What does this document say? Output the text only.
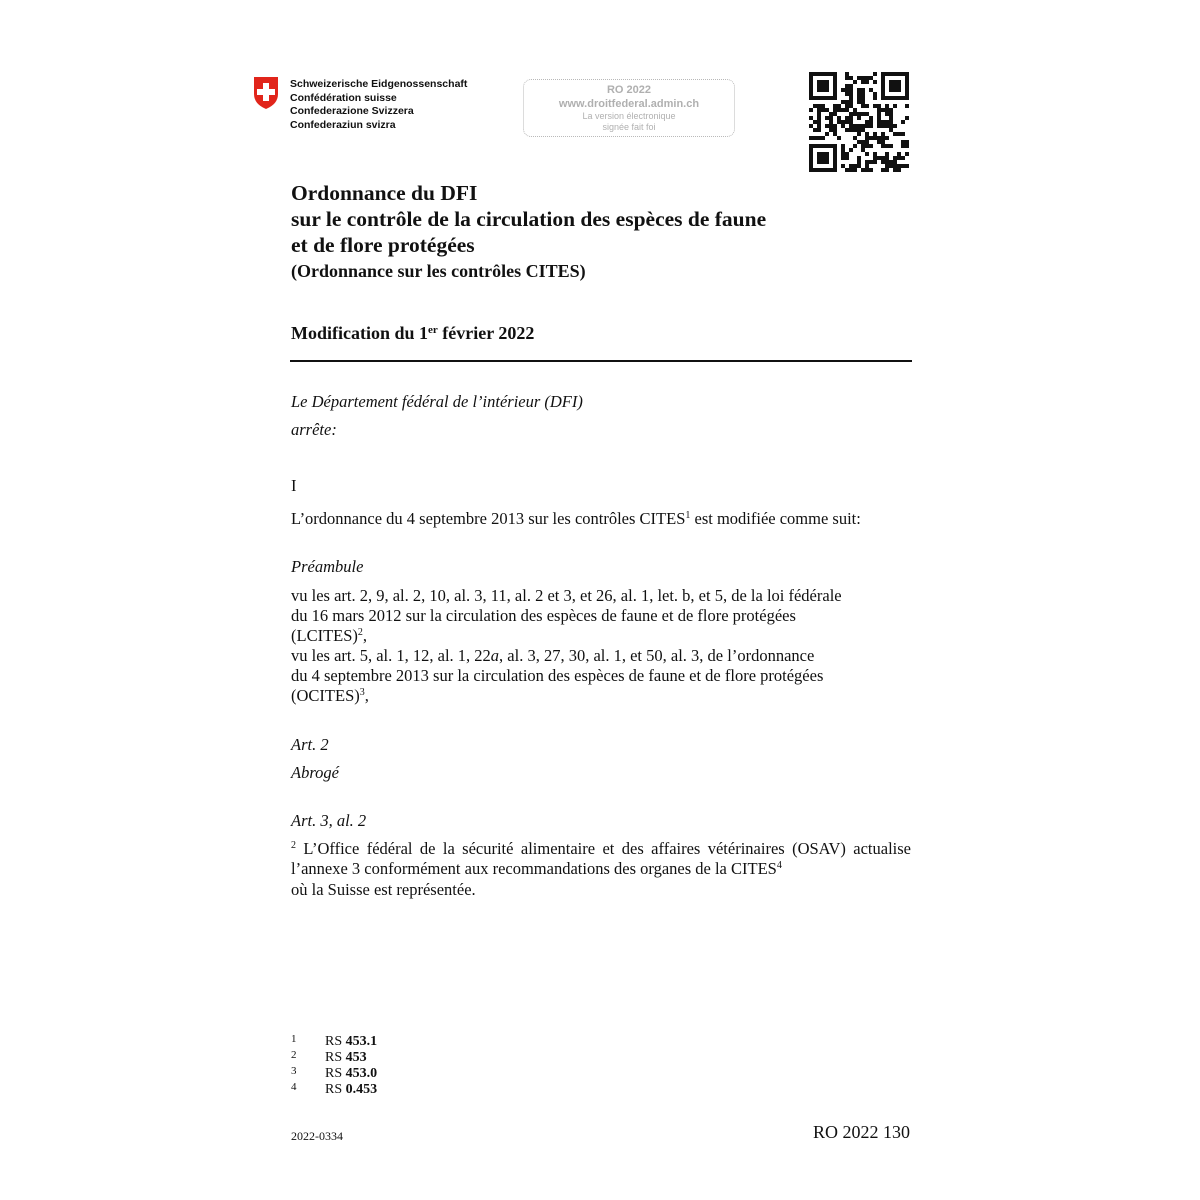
Schweizerische Eidgenossenschaft
Confédération suisse
Confederazione Svizzera
Confederaziun svizra
RO 2022
www.droitfederal.admin.ch
La version électronique
signée fait foi
Ordonnance du DFI
sur le contrôle de la circulation des espèces de faune
et de flore protégées
(Ordonnance sur les contrôles CITES)
Modification du 1er février 2022
Le Département fédéral de l’intérieur (DFI)
arrête:
I
L’ordonnance du 4 septembre 2013 sur les contrôles CITES$^1$ est modifiée comme suit:
Préambule
vu les art. 2, 9, al. 2, 10, al. 3, 11, al. 2 et 3, et 26, al. 1, let. b, et 5, de la loi fédérale
du 16 mars 2012 sur la circulation des espèces de faune et de flore protégées
(LCITES)$^2$,
vu les art. 5, al. 1, 12, al. 1, 22a, al. 3, 27, 30, al. 1, et 50, al. 3, de l’ordonnance
du 4 septembre 2013 sur la circulation des espèces de faune et de flore protégées
(OCITES)$^3$,
Art. 2
Abrogé
Art. 3, al. 2
$^2$ L’Office fédéral de la sécurité alimentaire et des affaires vétérinaires (OSAV) actualise l’annexe 3 conformément aux recommandations des organes de la CITES$^4$
où la Suisse est représentée.
1 RS 453.1
2 RS 453
3 RS 453.0
4 RS 0.453
2022-0334	RO 2022 130
